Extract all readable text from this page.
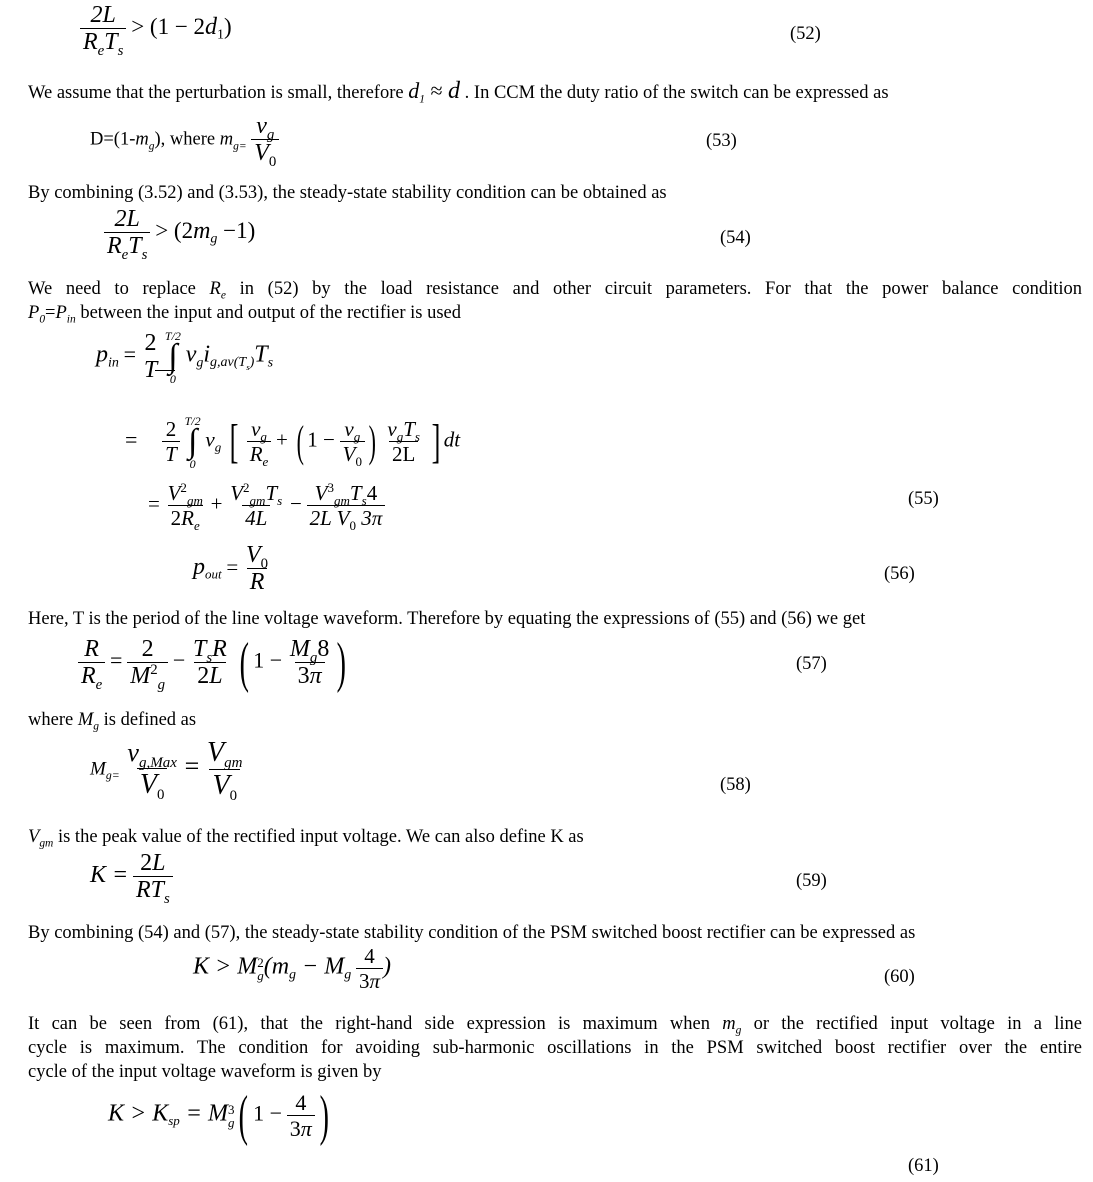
$\frac{2L}{R_eT_s} > (1 - 2d_1)$	(52)
We assume that the perturbation is small, therefore $d_1 \approx d$ . In CCM the duty ratio of the switch can be expressed as
$D=(1-m_g)$, where $m_{g=} \frac{v_g}{V_0}$	(53)
By combining (3.52) and (3.53), the steady-state stability condition can be obtained as
$\frac{2L}{R_eT_s} > (2m_g -1)$	(54)
We need to replace $R_e$ in (52) by the load resistance and other circuit parameters. For that the power balance condition
$P_0=P_{in}$ between the input and output of the rectifier is used
$p_{in} = 2$
T

T/2
∫
0
$v_gi_{g,av(T_s)}T_s$
= $\frac{2}{T}$
T/2
∫
0
$v_g$ [ $\frac{v_g}{R_e}$ + ( $1 - \frac{v_g}{V_0}$ ) $\frac{v_gT_s}{2L}$ ] dt
= $\frac{V^2_{gm}}{2R_e} + \frac{V^2_{gm}T_s}{4L} - \frac{V^3_{gm}T_s4}{2L V_0 3\pi}$	(55)
$p_{out} = \frac{V_0}{R}$	(56)
Here, T is the period of the line voltage waveform. Therefore by equating the expressions of (55) and (56) we get
$\frac{R}{R_e} = \frac{2}{M^2_g} - \frac{T_sR}{2L}$ ( $1 - \frac{M_g8}{3\pi}$ )	(57)
where $M_g$ is defined as
$M_{g=} \frac{v_{g,Max}}{V_0} = \frac{V_{gm}}{V_0}$	(58)
$V_{gm}$ is the peak value of the rectified input voltage. We can also define K as
$K = \frac{2L}{RT_s}$	(59)
By combining (54) and (57), the steady-state stability condition of the PSM switched boost rectifier can be expressed as
K > M 2
g ($m_g - M_g \frac{4}{3\pi}$ )	(60)
It can be seen from (61), that the right-hand side expression is maximum when $m_g$ or the rectified input voltage in a line
cycle is maximum. The condition for avoiding sub-harmonic oscillations in the PSM switched boost rectifier over the entire
cycle of the input voltage waveform is given by
$K > K_{sp} = M$ 3
g ( $1 - \frac{4}{3\pi}$ )
(61)
